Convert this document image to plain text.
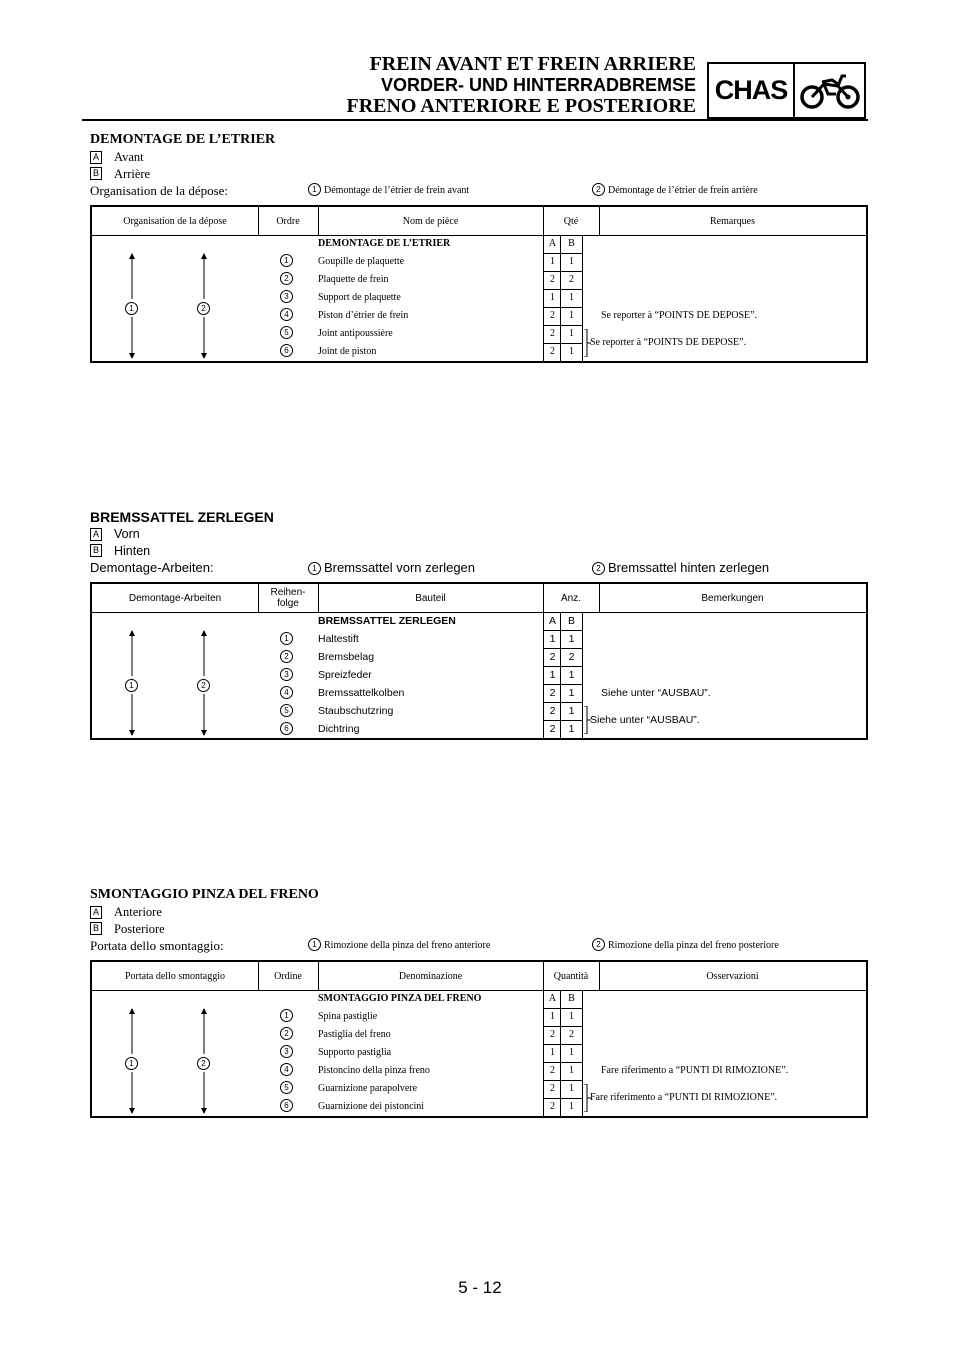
FREIN AVANT ET FREIN ARRIERE
VORDER- UND HINTERRADBREMSE
FRENO ANTERIORE E POSTERIORE
CHAS
DEMONTAGE DE L’ETRIER
A Avant
B Arrière
Organisation de la dépose:	1 Démontage de l’étrier de frein avant	2 Démontage de l’étrier de frein arrière
Organisation de la dépose	Ordre	Nom de pièce	Qté	Remarques
DEMONTAGE DE L’ETRIER	A	B
1	Goupille de plaquette	1	1
2	Plaquette de frein	2	2
3	Support de plaquette	1	1
4	Piston d’étrier de frein	2	1	Se reporter à “POINTS DE DEPOSE”.
5	Joint antipoussière	2	1
6	Joint de piston	2	1
Se reporter à “POINTS DE DEPOSE”.
1	2
BREMSSATTEL ZERLEGEN
A Vorn
B Hinten
Demontage-Arbeiten:	1 Bremssattel vorn zerlegen	2 Bremssattel hinten zerlegen
Demontage-Arbeiten	Reihen-
folge	Bauteil	Anz.	Bemerkungen
BREMSSATTEL ZERLEGEN	A	B
1	Haltestift	1	1
2	Bremsbelag	2	2
3	Spreizfeder	1	1
4	Bremssattelkolben	2	1	Siehe unter “AUSBAU”.
5	Staubschutzring	2	1
6	Dichtring	2	1
Siehe unter “AUSBAU”.
1	2
SMONTAGGIO PINZA DEL FRENO
A Anteriore
B Posteriore
Portata dello smontaggio:	1 Rimozione della pinza del freno anteriore	2 Rimozione della pinza del freno posteriore
Portata dello smontaggio	Ordine	Denominazione	Quantità	Osservazioni
SMONTAGGIO PINZA DEL FRENO	A	B
1	Spina pastiglie	1	1
2	Pastiglia del freno	2	2
3	Supporto pastiglia	1	1
4	Pistoncino della pinza freno	2	1	Fare riferimento a “PUNTI DI RIMOZIONE”.
5	Guarnizione parapolvere	2	1
6	Guarnizione dei pistoncini	2	1
Fare riferimento a “PUNTI DI RIMOZIONE”.
1	2
5 - 12
